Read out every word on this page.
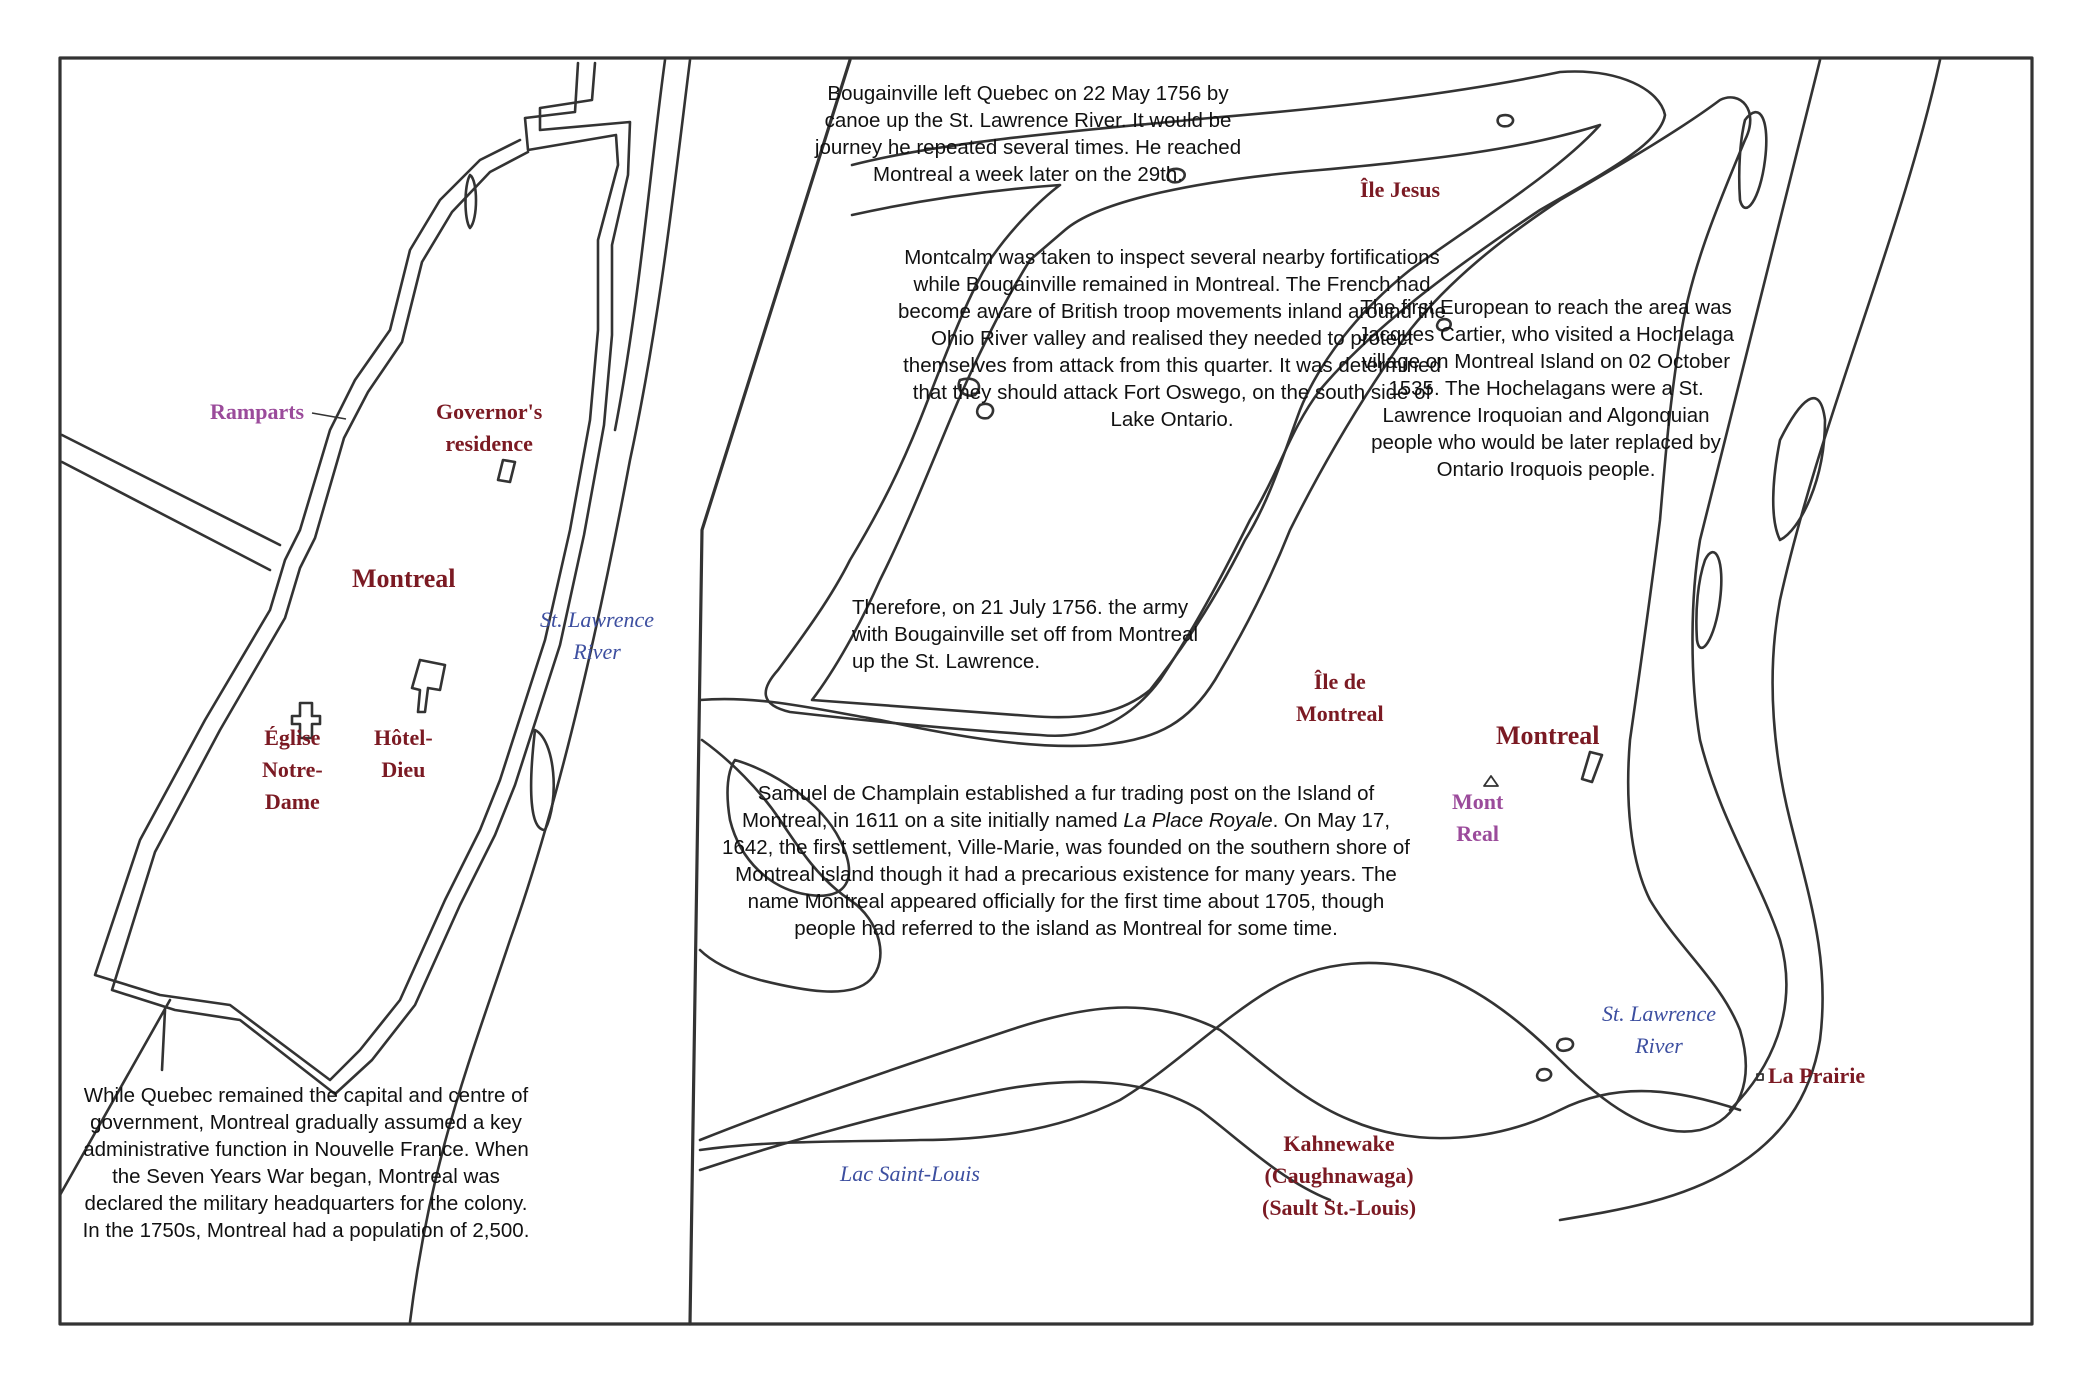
Ramparts	Governor's
residence
Montreal
St. Lawrence
River
Église
Notre-
Dame
Hôtel-
Dieu
While Quebec remained the capital and centre of government, Montreal gradually assumed a key administrative function in Nouvelle France. When the Seven Years War began, Montreal was declared the military headquarters for the colony. In the 1750s, Montreal had a population of 2,500.
Île Jesus
Île de
Montreal
Montreal
Mont
Real
St. Lawrence
River
La Prairie
Kahnewake
(Caughnawaga)
(Sault St.-Louis)
Lac Saint-Louis
Bougainville left Quebec on 22 May 1756 by canoe up the St. Lawrence River. It would be journey he repeated several times. He reached Montreal a week later on the 29th.
Montcalm was taken to inspect several nearby fortifications while Bougainville remained in Montreal. The French had become aware of British troop movements inland around the Ohio River valley and realised they needed to protect themselves from attack from this quarter. It was determined that they should attack Fort Oswego, on the south side of Lake Ontario.
Therefore, on 21 July 1756. the army with Bougainville set off from Montreal up the St. Lawrence.
The first European to reach the area was Jacques Cartier, who visited a Hochelaga village on Montreal Island on 02 October 1535. The Hochelagans were a St. Lawrence Iroquoian and Algonquian people who would be later replaced by Ontario Iroquois people.
Samuel de Champlain established a fur trading post on the Island of Montreal, in 1611 on a site initially named La Place Royale. On May 17, 1642, the first settlement, Ville-Marie, was founded on the southern shore of Montreal island though it had a precarious existence for many years. The name Montreal appeared officially for the first time about 1705, though people had referred to the island as Montreal for some time.
